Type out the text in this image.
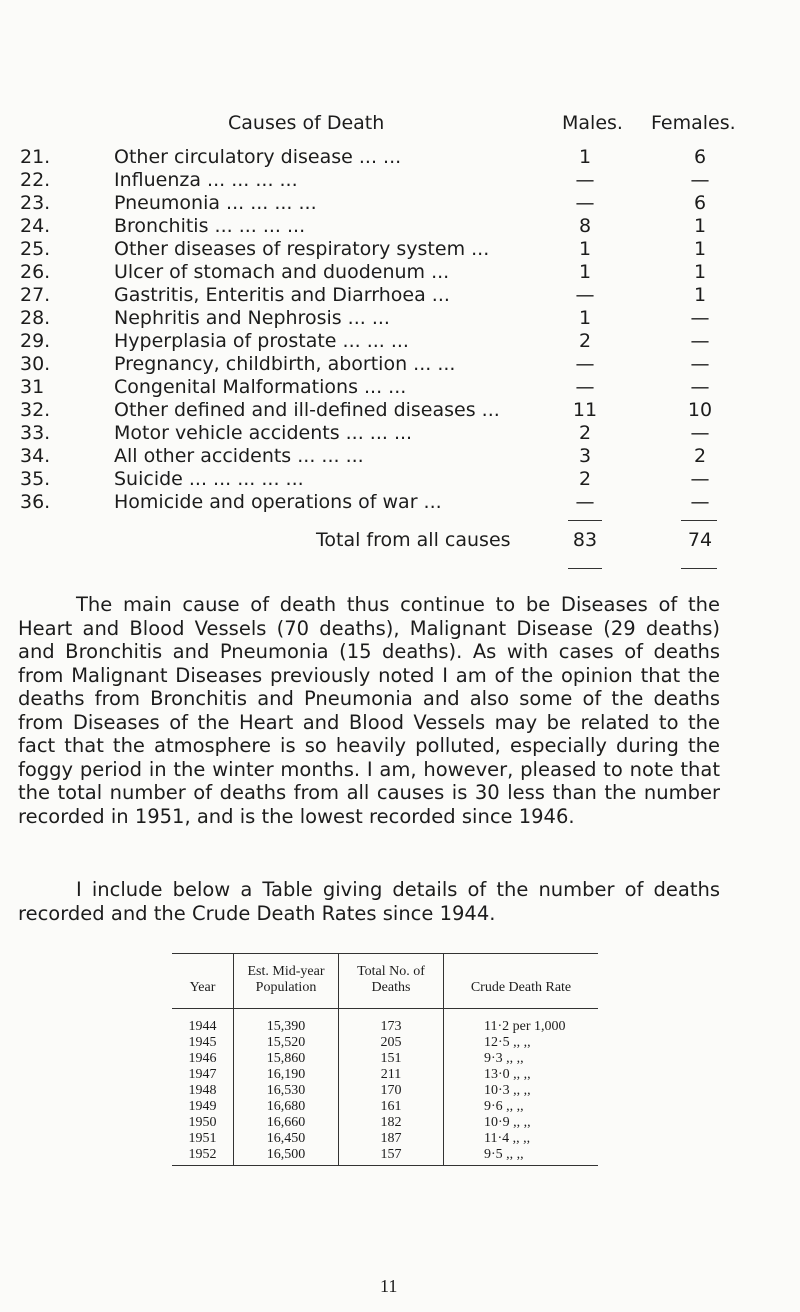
Causes of Death	Males. Females.
21.	Other circulatory disease ... ...	1	6
22.	Influenza ... ... ... ...	—	—
23.	Pneumonia ... ... ... ...	—	6
24.	Bronchitis ... ... ... ...	8	1
25.	Other diseases of respiratory system ...	1	1
26.	Ulcer of stomach and duodenum ...	1	1
27.	Gastritis, Enteritis and Diarrhoea ...	—	1
28.	Nephritis and Nephrosis ... ...	1	—
29.	Hyperplasia of prostate ... ... ...	2	—
30.	Pregnancy, childbirth, abortion ... ...	—	—
31	Congenital Malformations ... ...	—	—
32.	Other defined and ill-defined diseases ...	11	10
33.	Motor vehicle accidents ... ... ...	2	—
34.	All other accidents ... ... ...	3	2
35.	Suicide ... ... ... ... ...	2	—
36.	Homicide and operations of war ...	—	—
Total from all causes	83	74
The main cause of death thus continue to be Diseases of the Heart and Blood Vessels (70 deaths), Malignant Disease (29 deaths) and Bronchitis and Pneumonia (15 deaths). As with cases of deaths from Malignant Diseases previously noted I am of the opinion that the deaths from Bronchitis and Pneumonia and also some of the deaths from Diseases of the Heart and Blood Vessels may be related to the fact that the atmosphere is so heavily polluted, especially during the foggy period in the winter months. I am, however, pleased to note that the total number of deaths from all causes is 30 less than the number recorded in 1951, and is the lowest recorded since 1946.
I include below a Table giving details of the number of deaths recorded and the Crude Death Rates since 1944.
Year	Est. Mid-year Population	Total No. of Deaths	Crude Death Rate
1944	15,390	173	11·2 per 1,000
1945	15,520	205	12·5 ,, ,,
1946	15,860	151	9·3 ,, ,,
1947	16,190	211	13·0 ,, ,,
1948	16,530	170	10·3 ,, ,,
1949	16,680	161	9·6 ,, ,,
1950	16,660	182	10·9 ,, ,,
1951	16,450	187	11·4 ,, ,,
1952	16,500	157	9·5 ,, ,,
11
